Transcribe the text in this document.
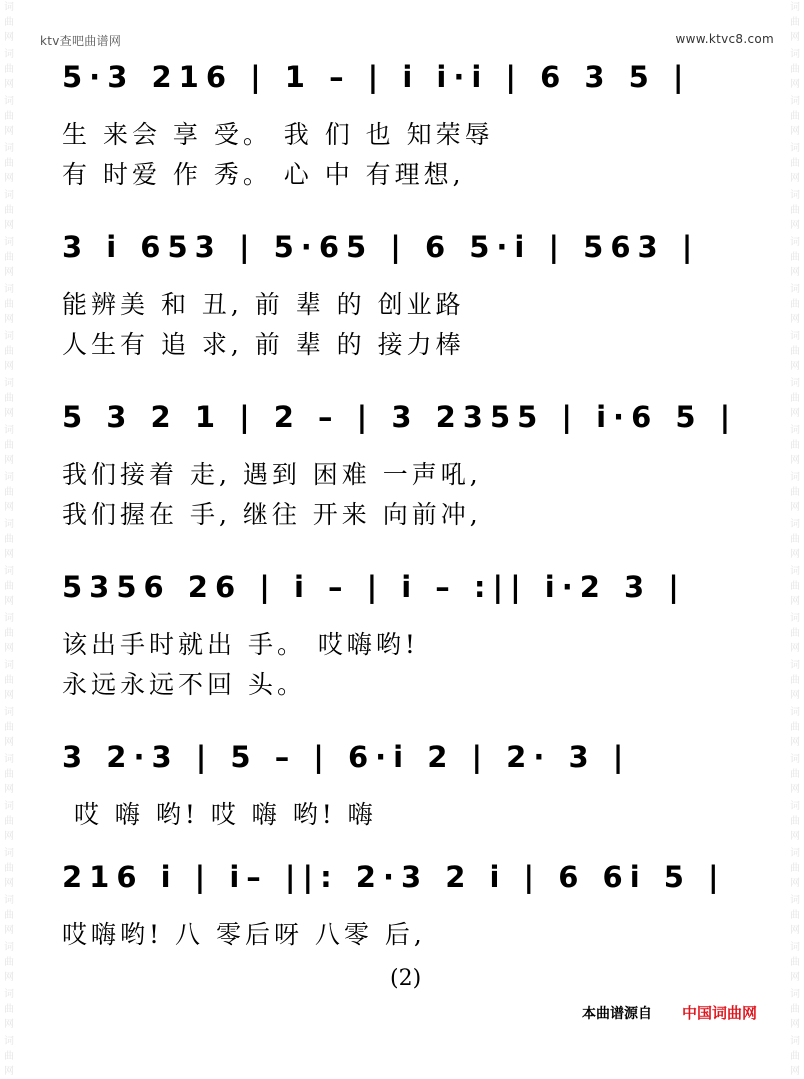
ktv查吧曲谱网	www.ktvc8.com
词曲网
词曲网
词曲网
词曲网
词曲网
词曲网
词曲网
词曲网
词曲网
词曲网
词曲网
词曲网
词曲网
词曲网
词曲网
词曲网
词曲网
词曲网
词曲网
词曲网
词曲网
词曲网
词曲网
词曲网
词曲网
词曲网
词曲网
词曲网
词曲网
词曲网
词曲网
词曲网
词曲网
词曲网
词曲网
词曲网
词曲网
词曲网
词曲网
词曲网
词曲网
词曲网
词曲网
词曲网
词曲网
词曲网
5·3 216 | 1 – | i i·i | 6 3 5 |
生 来会 享 受。 我 们 也 知荣辱
有 时爱 作 秀。 心 中 有理想,
3 i 653 | 5·65 | 6 5·i | 563 |
能辨美 和 丑, 前 辈 的 创业路
人生有 追 求, 前 辈 的 接力棒
5 3 2 1 | 2 – | 3 2355 | i·6 5 |
我们接着 走, 遇到 困难 一声吼,
我们握在 手, 继往 开来 向前冲,
5356 26 | i – | i – :|| i·2 3 |
该出手时就出 手。 哎嗨哟!
永远永远不回 头。
3 2·3 | 5 – | 6·i 2 | 2· 3 |
哎 嗨 哟! 哎 嗨 哟! 嗨
216 i | i– ||: 2·3 2 i | 6 6i 5 |
哎嗨哟! 八 零后呀 八零 后,
(2)
本曲谱源自 中国词曲网
